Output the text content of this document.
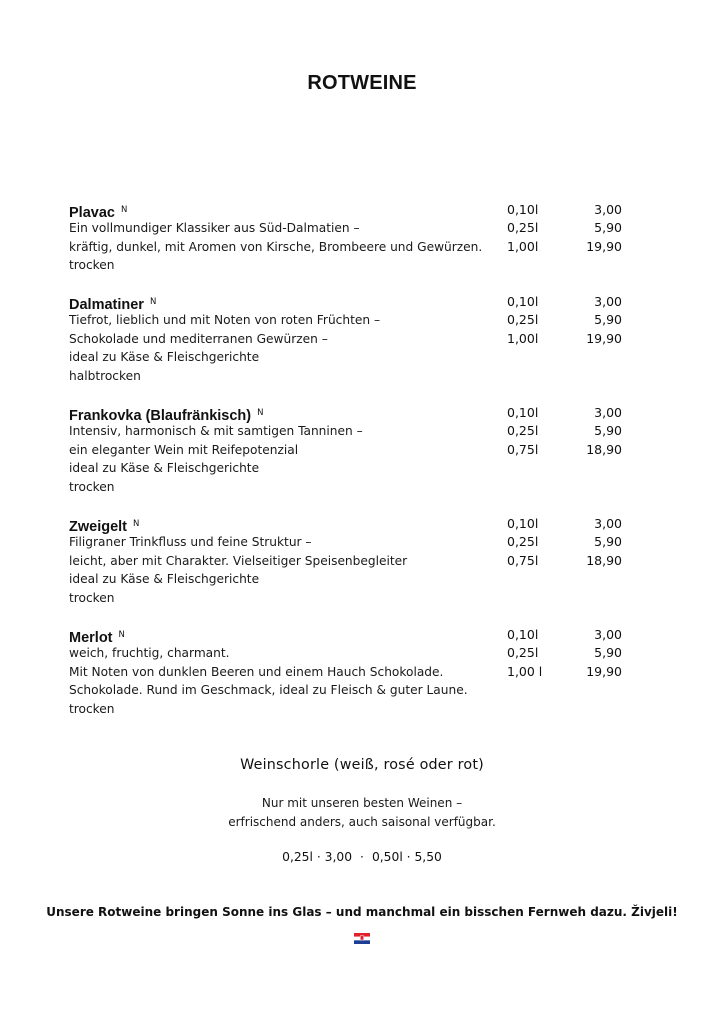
ROTWEINE
Plavac $^N$
Ein vollmundiger Klassiker aus Süd-Dalmatien –
kräftig, dunkel, mit Aromen von Kirsche, Brombeere und Gewürzen.
trocken
0,10l	3,00
0,25l	5,90
1,00l	19,90
Dalmatiner $^N$
Tiefrot, lieblich und mit Noten von roten Früchten –
Schokolade und mediterranen Gewürzen –
ideal zu Käse & Fleischgerichte
halbtrocken
0,10l	3,00
0,25l	5,90
1,00l	19,90
Frankovka (Blaufränkisch) $^N$
Intensiv, harmonisch & mit samtigen Tanninen –
ein eleganter Wein mit Reifepotenzial
ideal zu Käse & Fleischgerichte
trocken
0,10l	3,00
0,25l	5,90
0,75l	18,90
Zweigelt $^N$
Filigraner Trinkfluss und feine Struktur –
leicht, aber mit Charakter. Vielseitiger Speisenbegleiter
ideal zu Käse & Fleischgerichte
trocken
0,10l	3,00
0,25l	5,90
0,75l	18,90
Merlot $^N$
weich, fruchtig, charmant.
Mit Noten von dunklen Beeren und einem Hauch Schokolade.
Schokolade. Rund im Geschmack, ideal zu Fleisch & guter Laune.
trocken
0,10l	3,00
0,25l	5,90
1,00 l	19,90
Weinschorle (weiß, rosé oder rot)
Nur mit unseren besten Weinen –
erfrischend anders, auch saisonal verfügbar.
0,25l · 3,00 · 0,50l · 5,50
Unsere Rotweine bringen Sonne ins Glas – und manchmal ein bisschen Fernweh dazu. Živjeli!
